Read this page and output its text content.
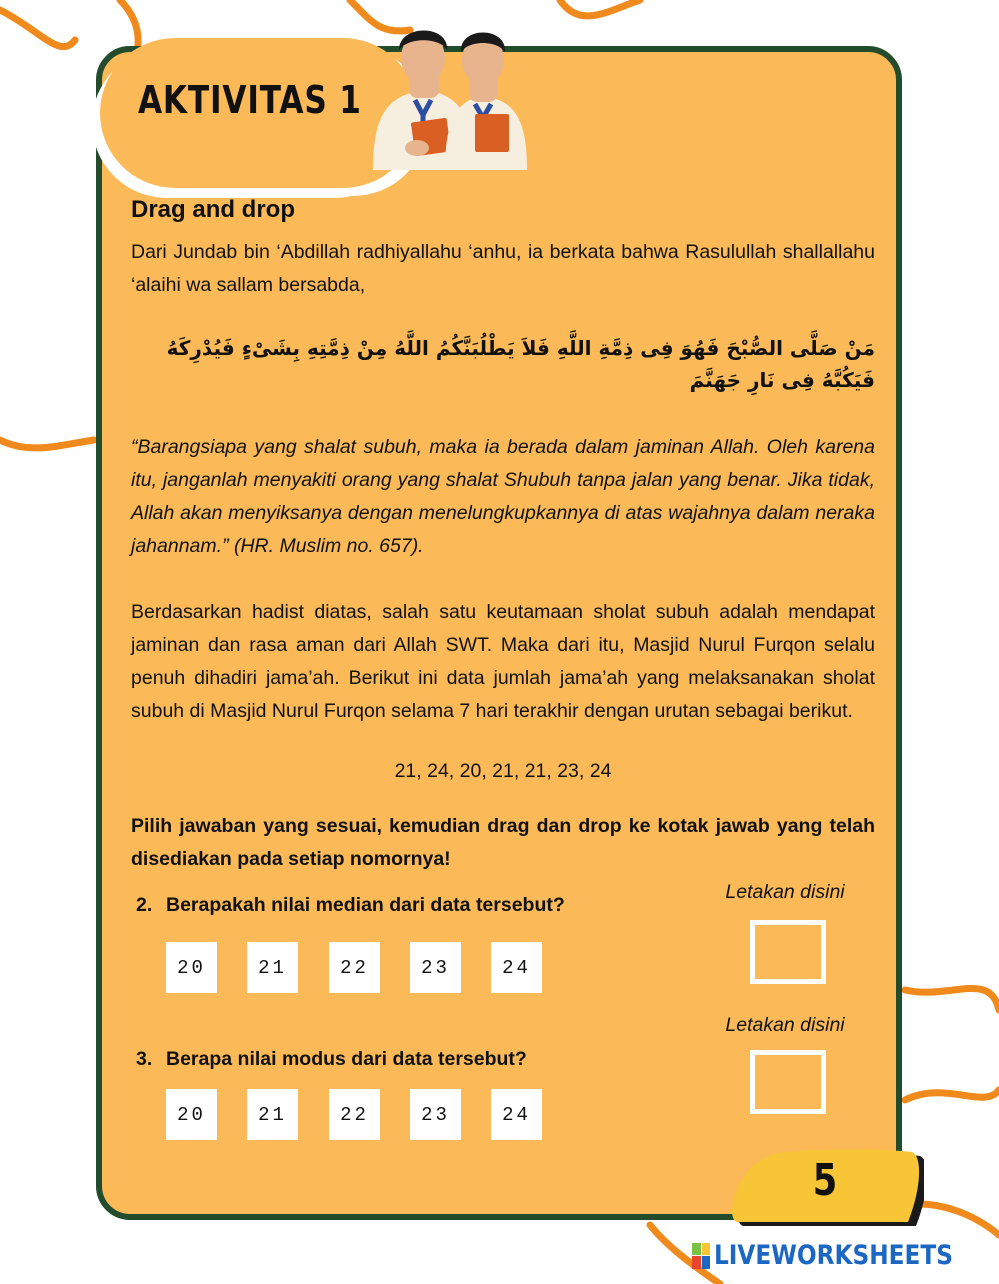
AKTIVITAS 1
Drag and drop
Dari Jundab bin ‘Abdillah radhiyallahu ‘anhu, ia berkata bahwa Rasulullah shallallahu ‘alaihi wa sallam bersabda,
مَنْ صَلَّى الصُّبْحَ فَهُوَ فِى ذِمَّةِ اللَّهِ فَلاَ يَطْلُبَنَّكُمُ اللَّهُ مِنْ ذِمَّتِهِ بِشَىْءٍ فَيُدْرِكَهُ فَيَكُبَّهُ فِى نَارِ جَهَنَّمَ
“Barangsiapa yang shalat subuh, maka ia berada dalam jaminan Allah. Oleh karena itu, janganlah menyakiti orang yang shalat Shubuh tanpa jalan yang benar. Jika tidak, Allah akan menyiksanya dengan menelungkupkannya di atas wajahnya dalam neraka jahannam.” (HR. Muslim no. 657).
Berdasarkan hadist diatas, salah satu keutamaan sholat subuh adalah mendapat jaminan dan rasa aman dari Allah SWT. Maka dari itu, Masjid Nurul Furqon selalu penuh dihadiri jama’ah. Berikut ini data jumlah jama’ah yang melaksanakan sholat subuh di Masjid Nurul Furqon selama 7 hari terakhir dengan urutan sebagai berikut.
21, 24, 20, 21, 21, 23, 24
Pilih jawaban yang sesuai, kemudian drag dan drop ke kotak jawab yang telah disediakan pada setiap nomornya!
2. Berapakah nilai median dari data tersebut?
20	21	22	23	24
Letakan disini
3. Berapa nilai modus dari data tersebut?
20	21	22	23	24
Letakan disini
5
LIVEWORKSHEETS
